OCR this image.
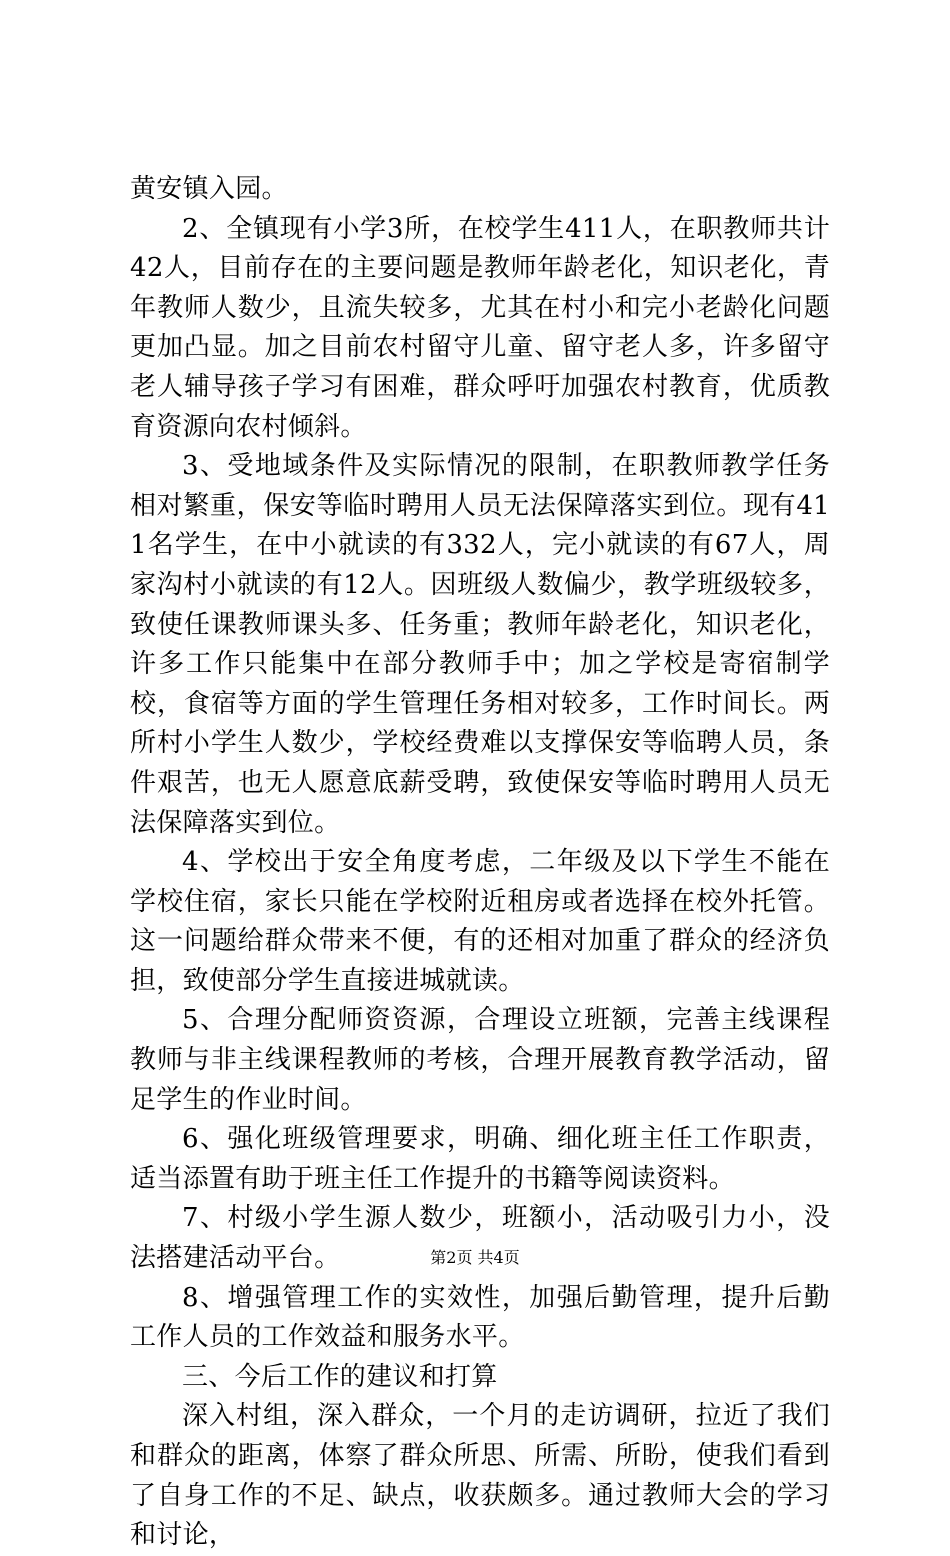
黄安镇入园。

2、全镇现有小学3所，在校学生411人，在职教师共计42人，目前存在的主要问题是教师年龄老化，知识老化，青年教师人数少，且流失较多，尤其在村小和完小老龄化问题更加凸显。加之目前农村留守儿童、留守老人多，许多留守老人辅导孩子学习有困难，群众呼吁加强农村教育，优质教育资源向农村倾斜。

3、受地域条件及实际情况的限制，在职教师教学任务相对繁重，保安等临时聘用人员无法保障落实到位。现有411名学生，在中小就读的有332人，完小就读的有67人，周家沟村小就读的有12人。因班级人数偏少，教学班级较多，致使任课教师课头多、任务重；教师年龄老化，知识老化，许多工作只能集中在部分教师手中；加之学校是寄宿制学校，食宿等方面的学生管理任务相对较多，工作时间长。两所村小学生人数少，学校经费难以支撑保安等临聘人员，条件艰苦，也无人愿意底薪受聘，致使保安等临时聘用人员无法保障落实到位。

4、学校出于安全角度考虑，二年级及以下学生不能在学校住宿，家长只能在学校附近租房或者选择在校外托管。这一问题给群众带来不便，有的还相对加重了群众的经济负担，致使部分学生直接进城就读。

5、合理分配师资资源，合理设立班额，完善主线课程教师与非主线课程教师的考核，合理开展教育教学活动，留足学生的作业时间。

6、强化班级管理要求，明确、细化班主任工作职责，适当添置有助于班主任工作提升的书籍等阅读资料。

7、村级小学生源人数少，班额小，活动吸引力小，没法搭建活动平台。

8、增强管理工作的实效性，加强后勤管理，提升后勤工作人员的工作效益和服务水平。

三、今后工作的建议和打算

深入村组，深入群众，一个月的走访调研，拉近了我们和群众的距离，体察了群众所思、所需、所盼，使我们看到了自身工作的不足、缺点，收获颇多。通过教师大会的学习和讨论，

第2页 共4页
